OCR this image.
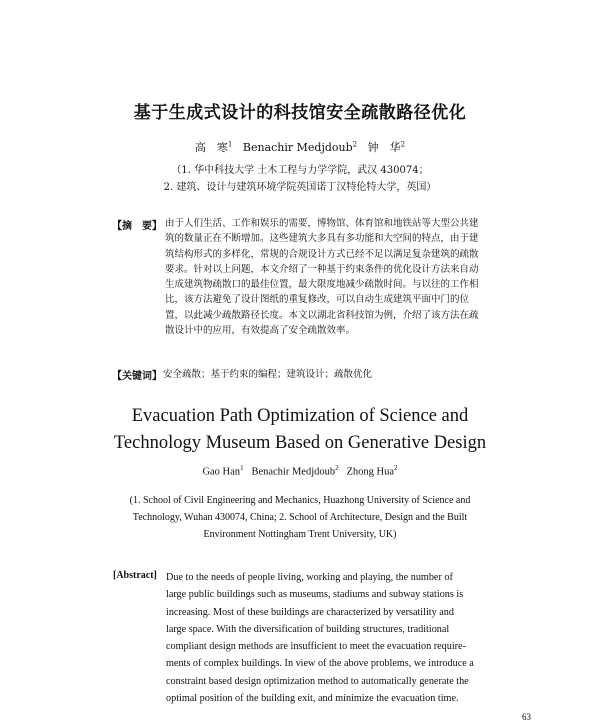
基于生成式设计的科技馆安全疏散路径优化
高　寒$^1$ Benachir Medjdoub$^2$ 钟　华$^2$
（1. 华中科技大学 土木工程与力学学院，武汉 430074；
2. 建筑、设计与建筑环境学院英国诺丁汉特伦特大学，英国）
【摘　要】 由于人们生活、工作和娱乐的需要，博物馆、体育馆和地铁站等大型公共建
筑的数量正在不断增加。这些建筑大多具有多功能和大空间的特点，由于建
筑结构形式的多样化，常规的合规设计方式已经不足以满足复杂建筑的疏散
要求。针对以上问题，本文介绍了一种基于约束条件的优化设计方法来自动
生成建筑物疏散口的最佳位置，最大限度地减少疏散时间。与以往的工作相
比，该方法避免了设计图纸的重复修改，可以自动生成建筑平面中门的位
置，以此减少疏散路径长度。本文以湖北省科技馆为例，介绍了该方法在疏
散设计中的应用，有效提高了安全疏散效率。
【关键词】 安全疏散；基于约束的编程；建筑设计；疏散优化
Evacuation Path Optimization of Science and
Technology Museum Based on Generative Design
Gao Han$^1$ Benachir Medjdoub$^2$ Zhong Hua$^2$
(1. School of Civil Engineering and Mechanics, Huazhong University of Science and
Technology, Wuhan 430074, China; 2. School of Architecture, Design and the Built
Environment Nottingham Trent University, UK)
[Abstract] Due to the needs of people living, working and playing, the number of
large public buildings such as museums, stadiums and subway stations is
increasing. Most of these buildings are characterized by versatility and
large space. With the diversification of building structures, traditional
compliant design methods are insufficient to meet the evacuation require-
ments of complex buildings. In view of the above problems, we introduce a
constraint based design optimization method to automatically generate the
optimal position of the building exit, and minimize the evacuation time.
63
